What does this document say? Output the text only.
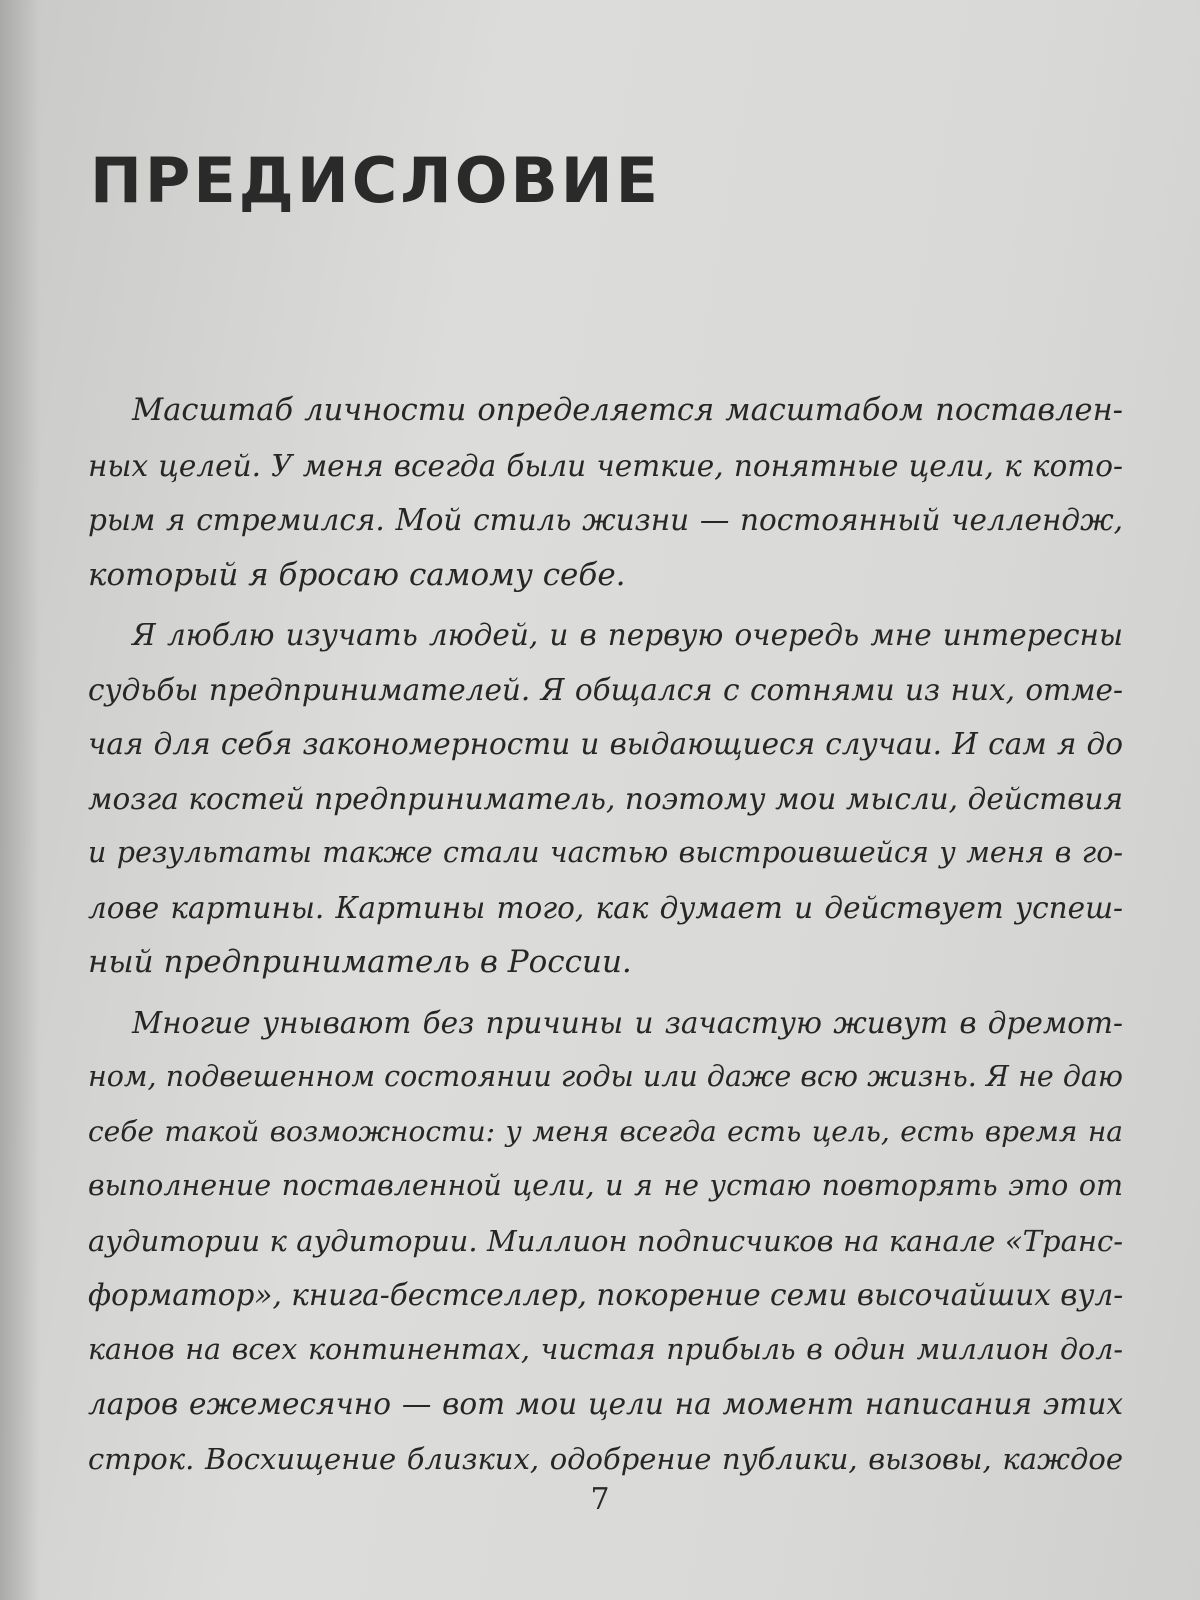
ПРЕДИСЛОВИЕ
Масштаб личности определяется масштабом поставлен-
ных целей. У меня всегда были четкие, понятные цели, к кото-
рым я стремился. Мой стиль жизни — постоянный челлендж,
который я бросаю самому себе.
Я люблю изучать людей, и в первую очередь мне интересны
судьбы предпринимателей. Я общался с сотнями из них, отме-
чая для себя закономерности и выдающиеся случаи. И сам я до
мозга костей предприниматель, поэтому мои мысли, действия
и результаты также стали частью выстроившейся у меня в го-
лове картины. Картины того, как думает и действует успеш-
ный предприниматель в России.
Многие унывают без причины и зачастую живут в дремот-
ном, подвешенном состоянии годы или даже всю жизнь. Я не даю
себе такой возможности: у меня всегда есть цель, есть время на
выполнение поставленной цели, и я не устаю повторять это от
аудитории к аудитории. Миллион подписчиков на канале «Транс-
форматор», книга-бестселлер, покорение семи высочайших вул-
канов на всех континентах, чистая прибыль в один миллион дол-
ларов ежемесячно — вот мои цели на момент написания этих
строк. Восхищение близких, одобрение публики, вызовы, каждое
7
